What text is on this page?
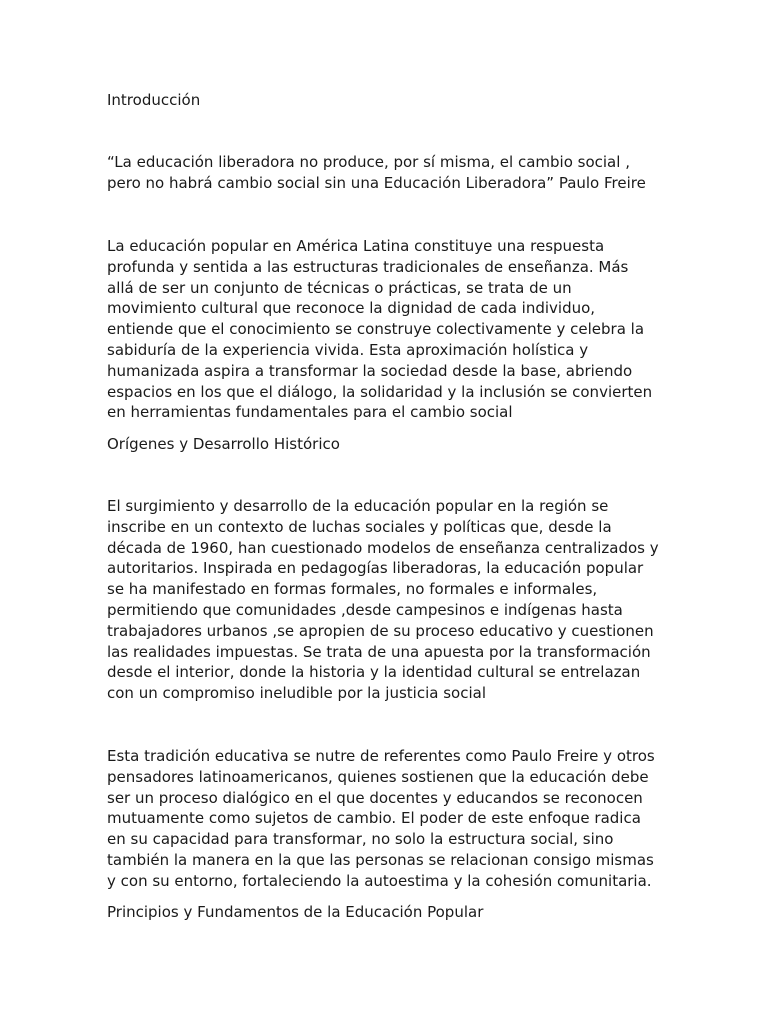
Introducción

“La educación liberadora no produce, por sí misma, el cambio social ,
pero no habrá cambio social sin una Educación Liberadora” Paulo Freire

La educación popular en América Latina constituye una respuesta
profunda y sentida a las estructuras tradicionales de enseñanza. Más
allá de ser un conjunto de técnicas o prácticas, se trata de un
movimiento cultural que reconoce la dignidad de cada individuo,
entiende que el conocimiento se construye colectivamente y celebra la
sabiduría de la experiencia vivida. Esta aproximación holística y
humanizada aspira a transformar la sociedad desde la base, abriendo
espacios en los que el diálogo, la solidaridad y la inclusión se convierten
en herramientas fundamentales para el cambio social

Orígenes y Desarrollo Histórico

El surgimiento y desarrollo de la educación popular en la región se
inscribe en un contexto de luchas sociales y políticas que, desde la
década de 1960, han cuestionado modelos de enseñanza centralizados y
autoritarios. Inspirada en pedagogías liberadoras, la educación popular
se ha manifestado en formas formales, no formales e informales,
permitiendo que comunidades ,desde campesinos e indígenas hasta
trabajadores urbanos ,se apropien de su proceso educativo y cuestionen
las realidades impuestas. Se trata de una apuesta por la transformación
desde el interior, donde la historia y la identidad cultural se entrelazan
con un compromiso ineludible por la justicia social

Esta tradición educativa se nutre de referentes como Paulo Freire y otros
pensadores latinoamericanos, quienes sostienen que la educación debe
ser un proceso dialógico en el que docentes y educandos se reconocen
mutuamente como sujetos de cambio. El poder de este enfoque radica
en su capacidad para transformar, no solo la estructura social, sino
también la manera en la que las personas se relacionan consigo mismas
y con su entorno, fortaleciendo la autoestima y la cohesión comunitaria.

Principios y Fundamentos de la Educación Popular
